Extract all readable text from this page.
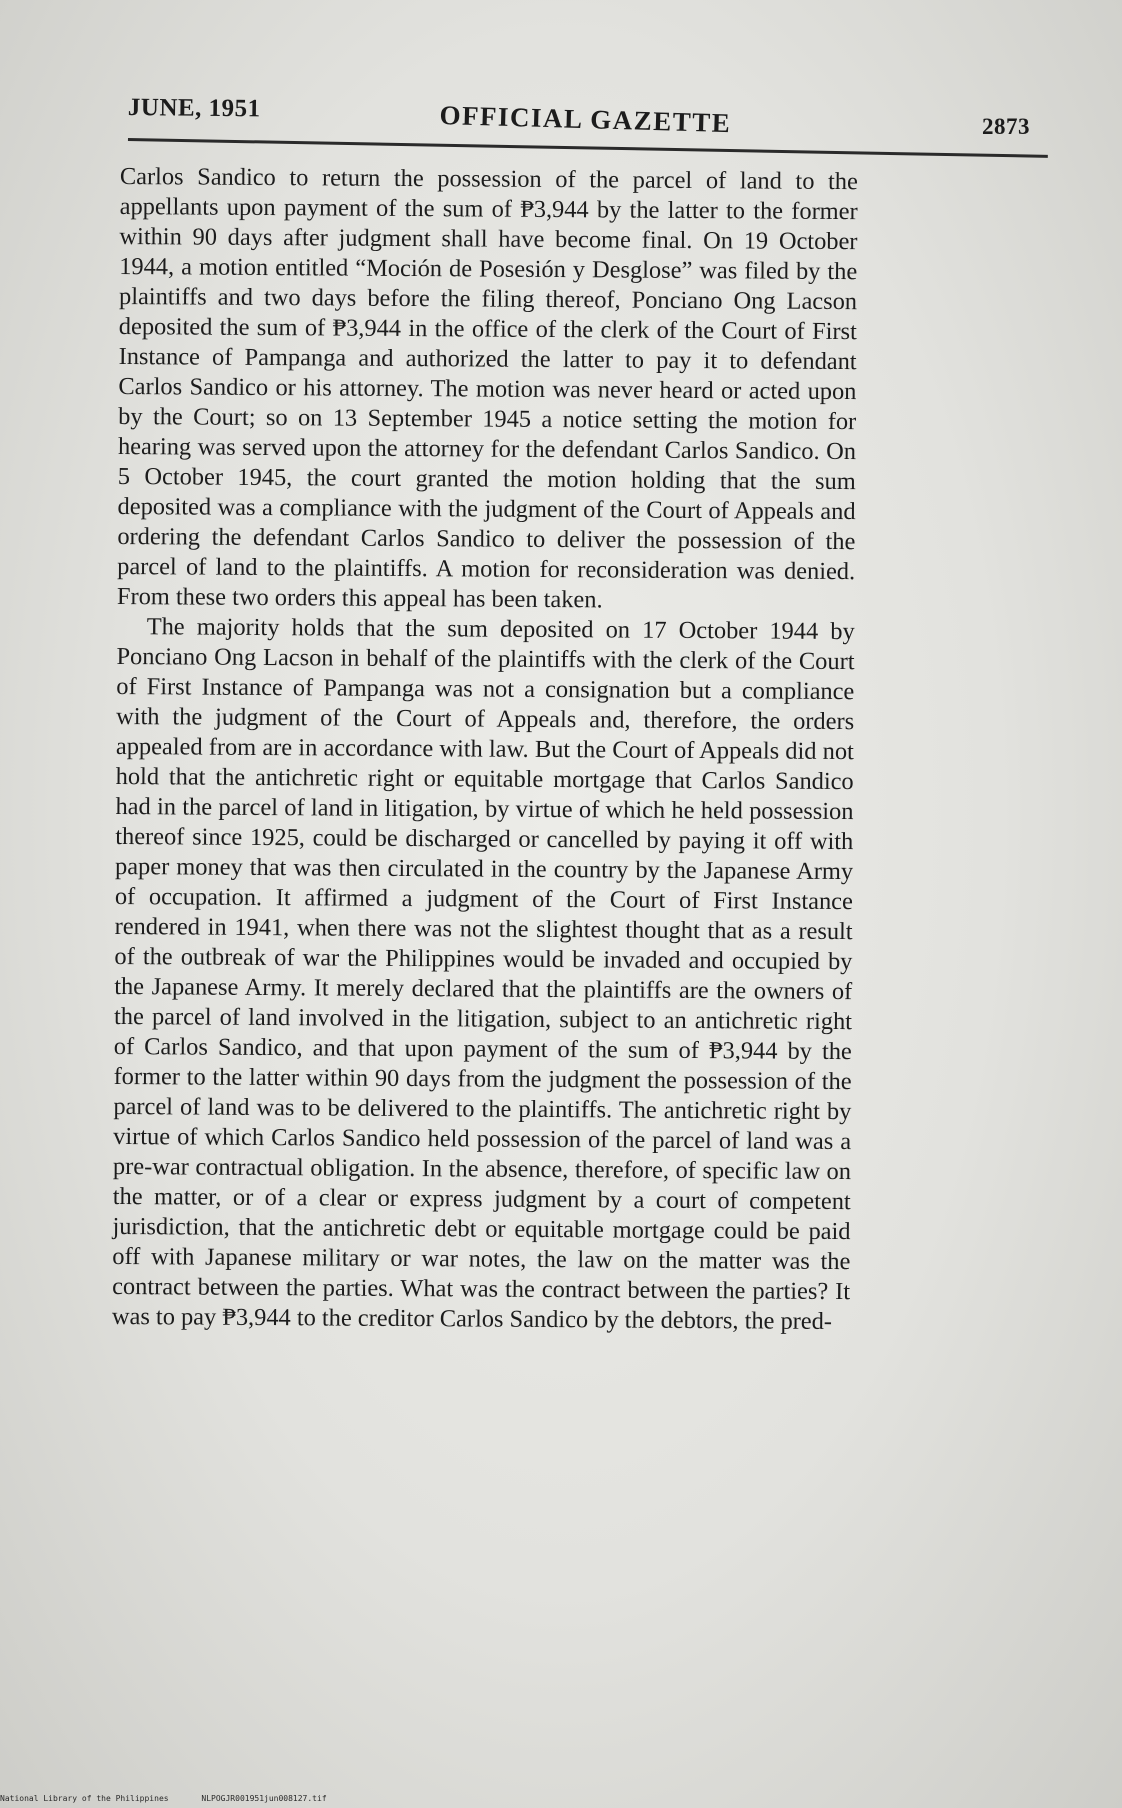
JUNE, 1951	OFFICIAL GAZETTE	2873

Carlos Sandico to return the possession of the parcel of land to the appellants upon payment of the sum of ₱3,944 by the latter to the former within 90 days after judgment shall have become final. On 19 October 1944, a motion entitled “Moción de Posesión y Desglose” was filed by the plaintiffs and two days before the filing thereof, Ponciano Ong Lacson deposited the sum of ₱3,944 in the office of the clerk of the Court of First Instance of Pampanga and authorized the latter to pay it to defendant Carlos Sandico or his attorney. The motion was never heard or acted upon by the Court; so on 13 September 1945 a notice setting the motion for hearing was served upon the attorney for the defendant Carlos Sandico. On 5 October 1945, the court granted the motion holding that the sum deposited was a compliance with the judgment of the Court of Appeals and ordering the defendant Carlos Sandico to deliver the possession of the parcel of land to the plaintiffs. A motion for reconsideration was denied. From these two orders this appeal has been taken.

The majority holds that the sum deposited on 17 October 1944 by Ponciano Ong Lacson in behalf of the plaintiffs with the clerk of the Court of First Instance of Pampanga was not a consignation but a compliance with the judgment of the Court of Appeals and, therefore, the orders appealed from are in accordance with law. But the Court of Appeals did not hold that the antichretic right or equitable mortgage that Carlos Sandico had in the parcel of land in litigation, by virtue of which he held possession thereof since 1925, could be discharged or cancelled by paying it off with paper money that was then circulated in the country by the Japanese Army of occupation. It affirmed a judgment of the Court of First Instance rendered in 1941, when there was not the slightest thought that as a result of the outbreak of war the Philippines would be invaded and occupied by the Japanese Army. It merely declared that the plaintiffs are the owners of the parcel of land involved in the litigation, subject to an antichretic right of Carlos Sandico, and that upon payment of the sum of ₱3,944 by the former to the latter within 90 days from the judgment the possession of the parcel of land was to be delivered to the plaintiffs. The antichretic right by virtue of which Carlos Sandico held possession of the parcel of land was a pre-war contractual obligation. In the absence, therefore, of specific law on the matter, or of a clear or express judgment by a court of competent jurisdiction, that the antichretic debt or equitable mortgage could be paid off with Japanese military or war notes, the law on the matter was the contract between the parties. What was the contract between the parties? It was to pay ₱3,944 to the creditor Carlos Sandico by the debtors, the pred-

National Library of the Philippines	NLPOGJR001951jun008127.tif
